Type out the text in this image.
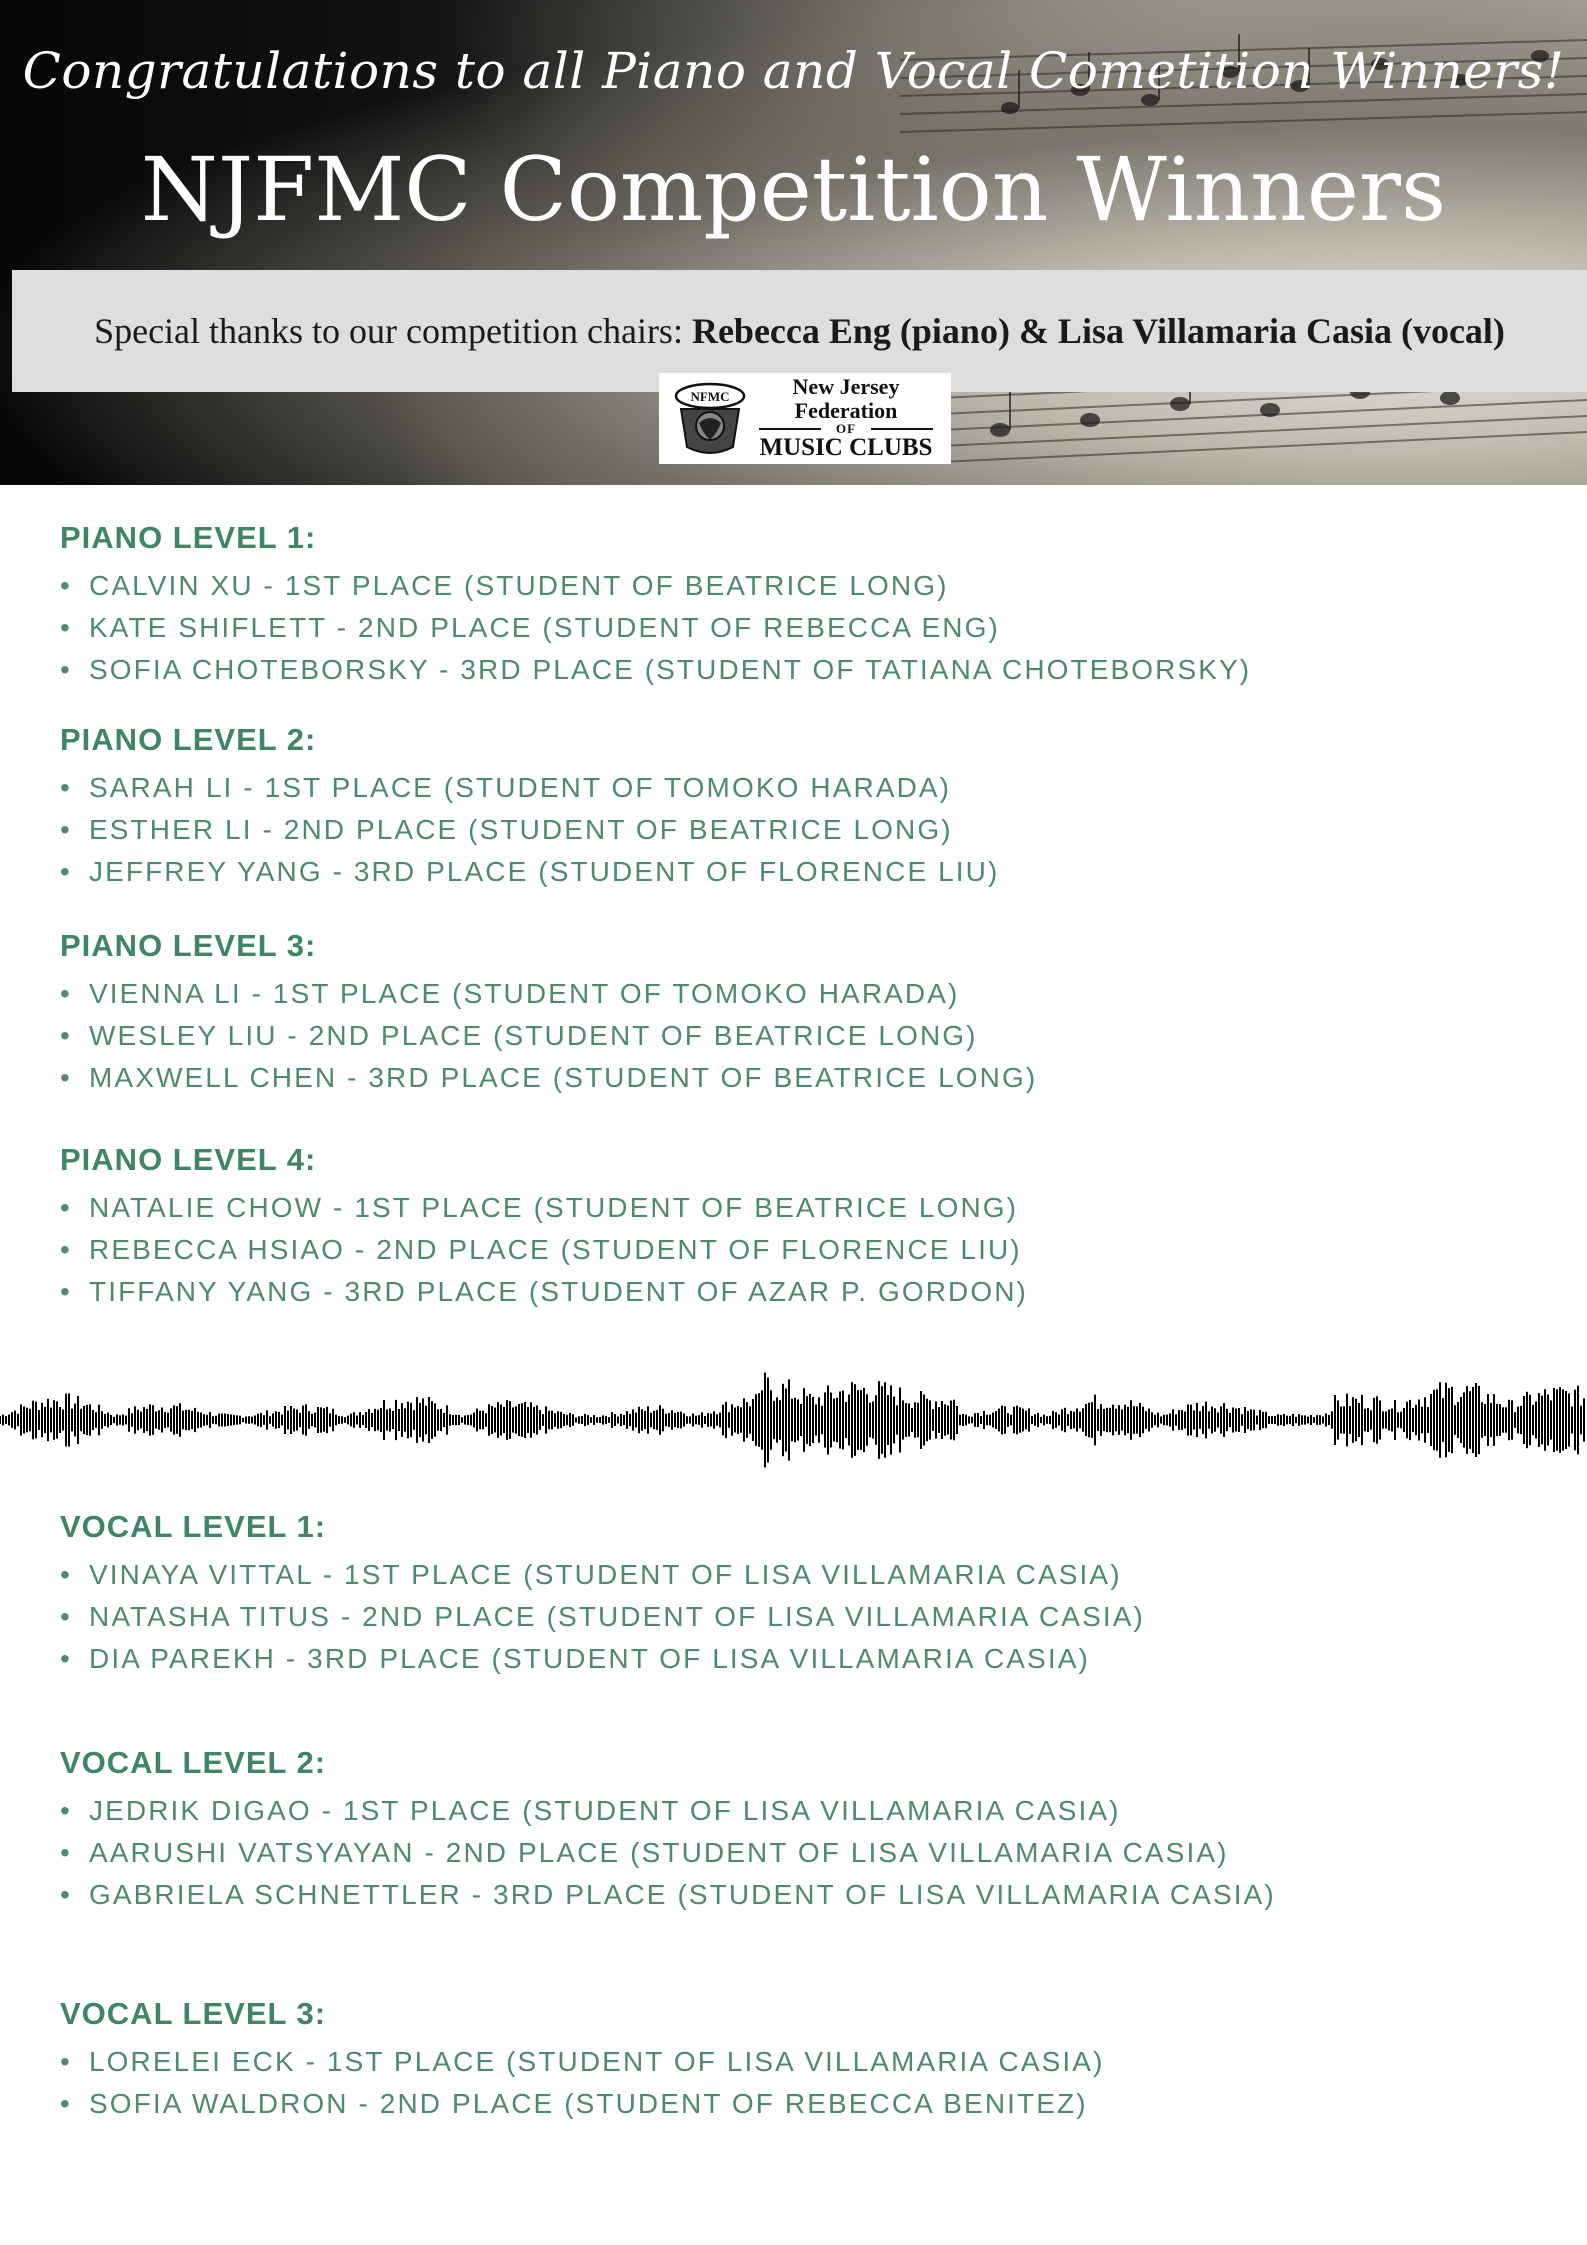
Congratulations to all Piano and Vocal Cometition Winners!
NJFMC Competition Winners
Special thanks to our competition chairs: Rebecca Eng (piano) & Lisa Villamaria Casia (vocal)
NFMC	New Jersey Federation
OF
MUSIC CLUBS
PIANO LEVEL 1:
• CALVIN XU - 1ST PLACE (STUDENT OF BEATRICE LONG)
• KATE SHIFLETT - 2ND PLACE (STUDENT OF REBECCA ENG)
• SOFIA CHOTEBORSKY - 3RD PLACE (STUDENT OF TATIANA CHOTEBORSKY)
PIANO LEVEL 2:
• SARAH LI - 1ST PLACE (STUDENT OF TOMOKO HARADA)
• ESTHER LI - 2ND PLACE (STUDENT OF BEATRICE LONG)
• JEFFREY YANG - 3RD PLACE (STUDENT OF FLORENCE LIU)
PIANO LEVEL 3:
• VIENNA LI - 1ST PLACE (STUDENT OF TOMOKO HARADA)
• WESLEY LIU - 2ND PLACE (STUDENT OF BEATRICE LONG)
• MAXWELL CHEN - 3RD PLACE (STUDENT OF BEATRICE LONG)
PIANO LEVEL 4:
• NATALIE CHOW - 1ST PLACE (STUDENT OF BEATRICE LONG)
• REBECCA HSIAO - 2ND PLACE (STUDENT OF FLORENCE LIU)
• TIFFANY YANG - 3RD PLACE (STUDENT OF AZAR P. GORDON)
VOCAL LEVEL 1:
• VINAYA VITTAL - 1ST PLACE (STUDENT OF LISA VILLAMARIA CASIA)
• NATASHA TITUS - 2ND PLACE (STUDENT OF LISA VILLAMARIA CASIA)
• DIA PAREKH - 3RD PLACE (STUDENT OF LISA VILLAMARIA CASIA)
VOCAL LEVEL 2:
• JEDRIK DIGAO - 1ST PLACE (STUDENT OF LISA VILLAMARIA CASIA)
• AARUSHI VATSYAYAN - 2ND PLACE (STUDENT OF LISA VILLAMARIA CASIA)
• GABRIELA SCHNETTLER - 3RD PLACE (STUDENT OF LISA VILLAMARIA CASIA)
VOCAL LEVEL 3:
• LORELEI ECK - 1ST PLACE (STUDENT OF LISA VILLAMARIA CASIA)
• SOFIA WALDRON - 2ND PLACE (STUDENT OF REBECCA BENITEZ)
